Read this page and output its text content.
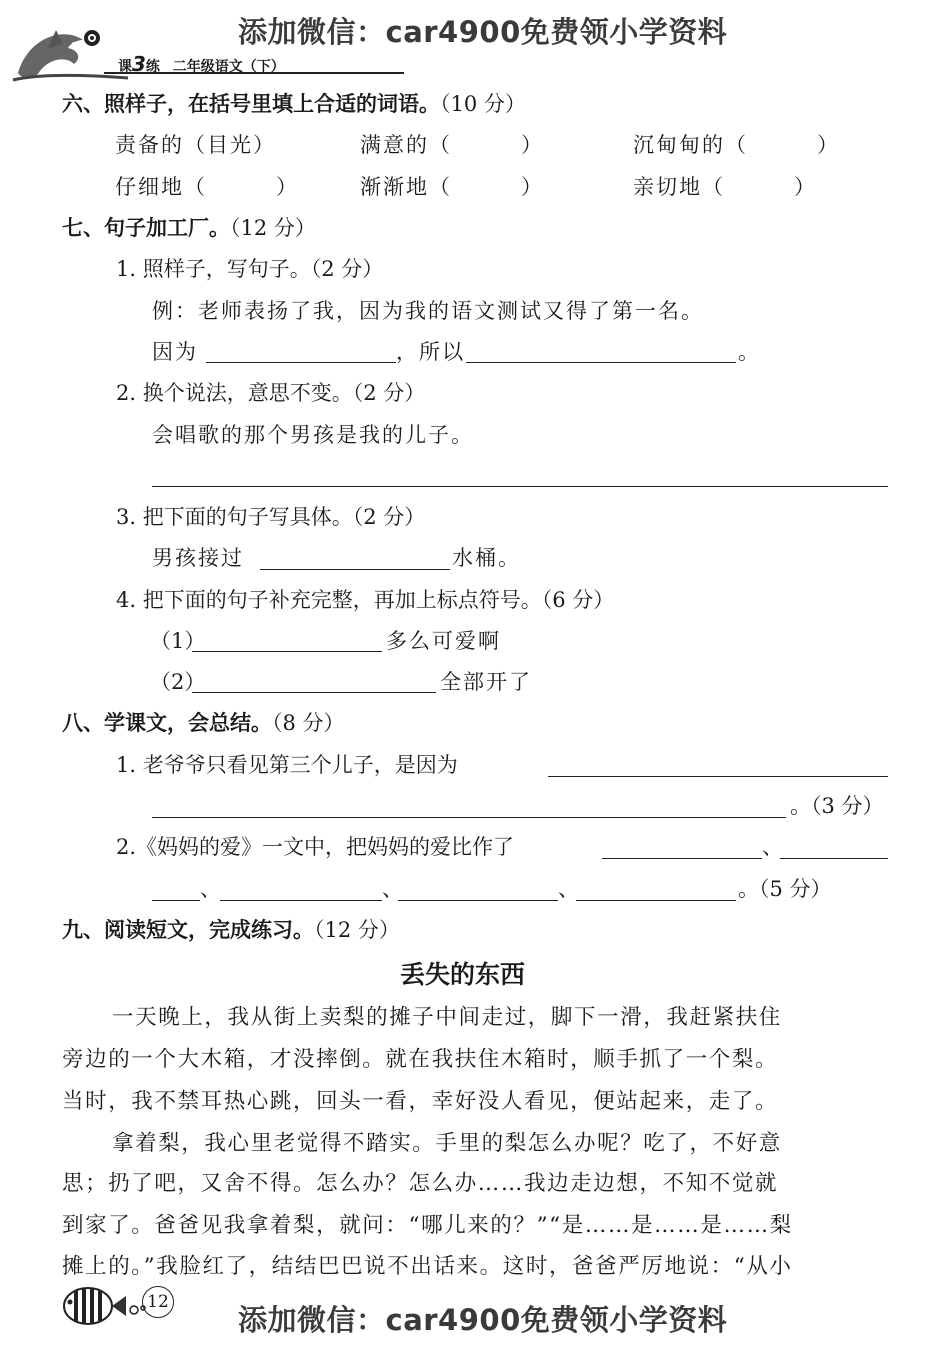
添加微信：car4900免费领小学资料
课3练 二年级语文（下）
六、照样子，在括号里填上合适的词语。（10 分）
责备的（目光）	满意的（　　　）	沉甸甸的（　　　）
仔细地（　　　）	渐渐地（　　　）	亲切地（　　　）
七、句子加工厂。（12 分）
1. 照样子，写句子。（2 分）
例：老师表扬了我，因为我的语文测试又得了第一名。
因为	，所以	。
2. 换个说法，意思不变。（2 分）
会唱歌的那个男孩是我的儿子。
3. 把下面的句子写具体。（2 分）
男孩接过	水桶。
4. 把下面的句子补充完整，再加上标点符号。（6 分）
（1）	多么可爱啊
（2）	全部开了
八、学课文，会总结。（8 分）
1. 老爷爷只看见第三个儿子，是因为
。（3 分）
2.《妈妈的爱》一文中，把妈妈的爱比作了	、
、	、	、	。（5 分）
九、阅读短文，完成练习。（12 分）
丢失的东西
一天晚上，我从街上卖梨的摊子中间走过，脚下一滑，我赶紧扶住
旁边的一个大木箱，才没摔倒。就在我扶住木箱时，顺手抓了一个梨。
当时，我不禁耳热心跳，回头一看，幸好没人看见，便站起来，走了。
拿着梨，我心里老觉得不踏实。手里的梨怎么办呢？吃了，不好意
思；扔了吧，又舍不得。怎么办？怎么办……我边走边想，不知不觉就
到家了。爸爸见我拿着梨，就问：“哪儿来的？”“是……是……是……梨
摊上的。”我脸红了，结结巴巴说不出话来。这时，爸爸严厉地说：“从小
12
添加微信：car4900免费领小学资料
